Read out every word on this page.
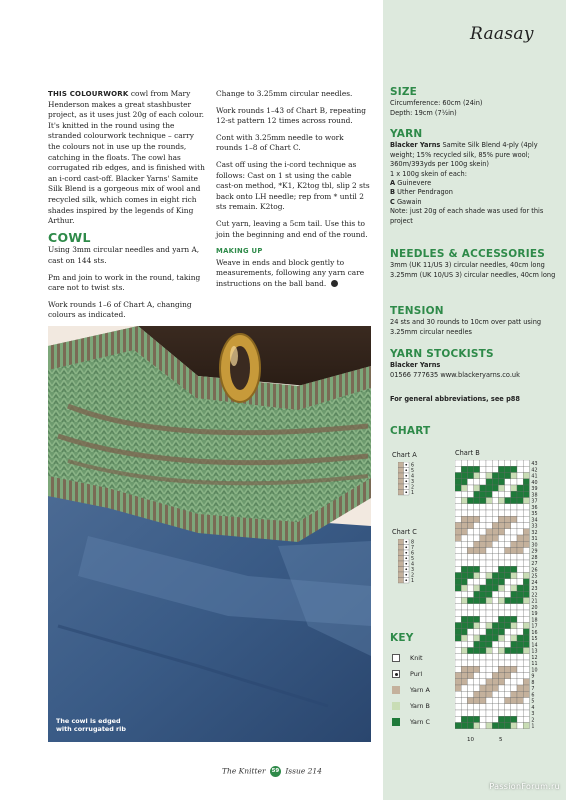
Raasay

THIS COLOURWORK cowl from Mary Henderson makes a great stashbuster project, as it uses just 20g of each colour. It's knitted in the round using the stranded colourwork technique – carry the colours not in use up the rounds, catching in the floats. The cowl has corrugated rib edges, and is finished with an i-cord cast-off. Blacker Yarns' Samite Silk Blend is a gorgeous mix of wool and recycled silk, which comes in eight rich shades inspired by the legends of King Arthur.

COWL

Using 3mm circular needles and yarn A, cast on 144 sts.

Pm and join to work in the round, taking care not to twist sts.

Work rounds 1–6 of Chart A, changing colours as indicated.

Change to 3.25mm circular needles.

Work rounds 1–43 of Chart B, repeating 12-st pattern 12 times across round.

Cont with 3.25mm needle to work rounds 1–8 of Chart C.

Cast off using the i-cord technique as follows: Cast on 1 st using the cable cast-on method, *K1, K2tog tbl, slip 2 sts back onto LH needle; rep from * until 2 sts remain. K2tog.

Cut yarn, leaving a 5cm tail. Use this to join the beginning and end of the round.

MAKING UP

Weave in ends and block gently to measurements, following any yarn care instructions on the ball band.

The cowl is edged
with corrugated rib
SIZE

Circumference: 60cm (24in)

Depth: 19cm (7½in)

YARN

Blacker Yarns Samite Silk Blend 4-ply (4ply weight; 15% recycled silk, 85% pure wool; 360m/393yds per 100g skein)

1 x 100g skein of each:

A Guinevere

B Uther Pendragon

C Gawain

Note: just 20g of each shade was used for this project

NEEDLES & ACCESSORIES

3mm (UK 11/US 3) circular needles, 40cm long

3.25mm (UK 10/US 3) circular needles, 40cm long

TENSION

24 sts and 30 rounds to 10cm over patt using 3.25mm circular needles

YARN STOCKISTS

Blacker Yarns

01566 777635 www.blackeryarns.co.uk

For general abbreviations, see p88
CHART
Chart A	Chart B
Chart C
6
5
4
3
2
1
8
7
6
5
4
3
2
1
43
42
41
40
39
38
37
36
35
34
33
32
31
30
29
28
27
26
25
24
23
22
21
20
19
18
17
16
15
14
13
12
11
10
9
8
7
6
5
4
3
2
1
10	5
KEY
Knit
Purl
Yarn A
Yarn B
Yarn C
The Knitter 59 Issue 214
PassionForum.ru
